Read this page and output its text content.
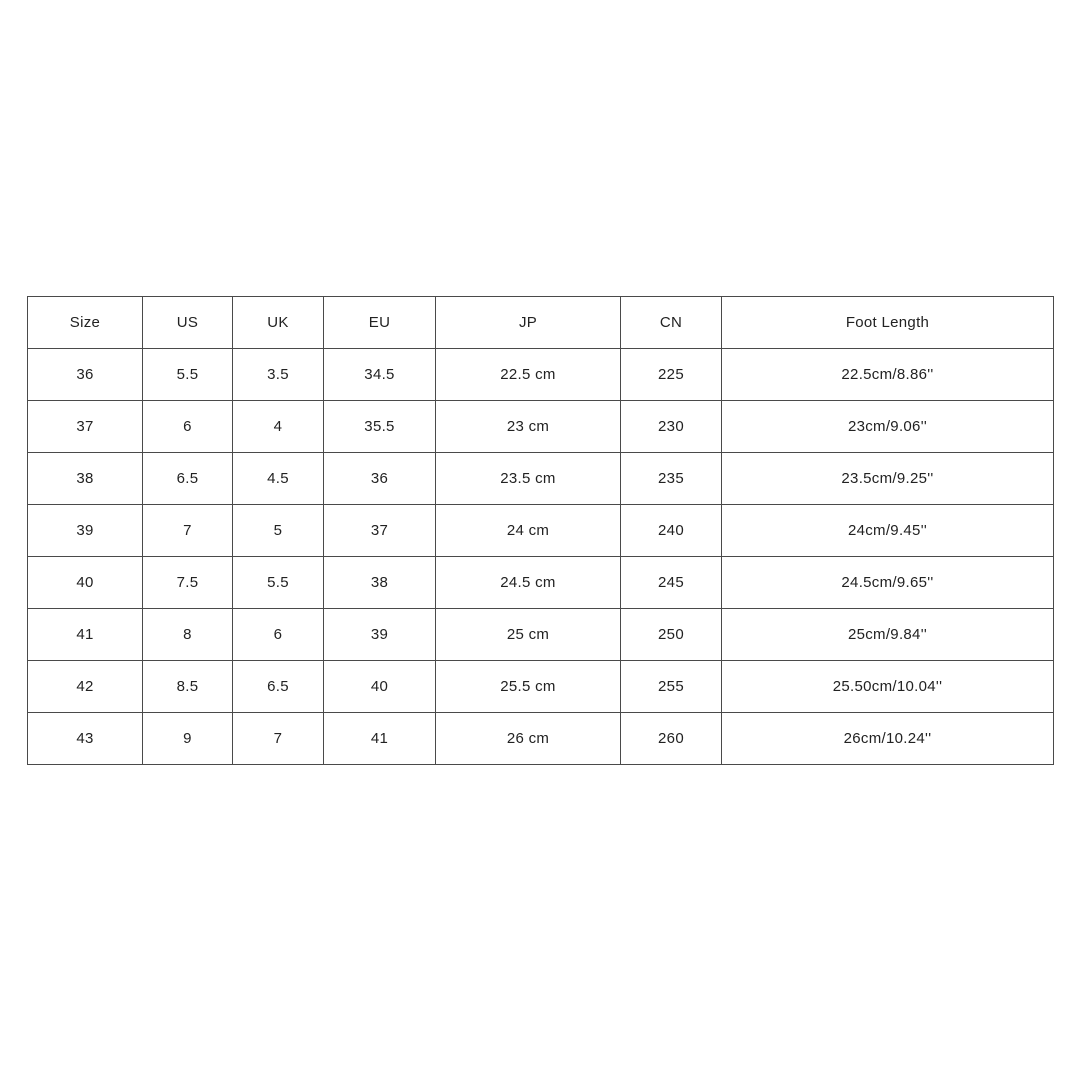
Size	US	UK	EU	JP	CN	Foot Length
36	5.5	3.5	34.5	22.5 cm	225	22.5cm/8.86''
37	6	4	35.5	23 cm	230	23cm/9.06''
38	6.5	4.5	36	23.5 cm	235	23.5cm/9.25''
39	7	5	37	24 cm	240	24cm/9.45''
40	7.5	5.5	38	24.5 cm	245	24.5cm/9.65''
41	8	6	39	25 cm	250	25cm/9.84''
42	8.5	6.5	40	25.5 cm	255	25.50cm/10.04''
43	9	7	41	26 cm	260	26cm/10.24''
